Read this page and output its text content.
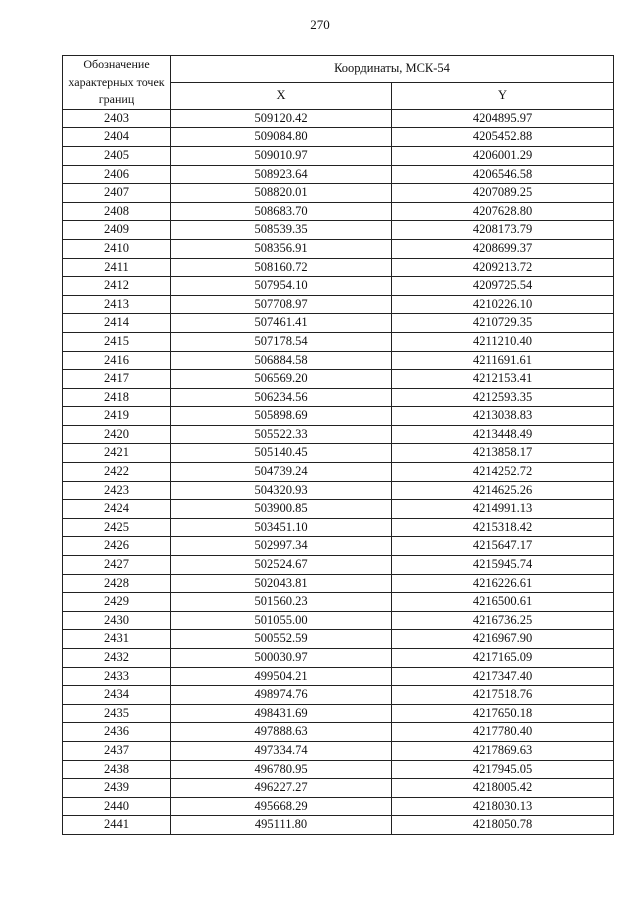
270
Обозначение характерных точек границ	Координаты, МСК-54	
	X	Y
2403	509120.42	4204895.97
2404	509084.80	4205452.88
2405	509010.97	4206001.29
2406	508923.64	4206546.58
2407	508820.01	4207089.25
2408	508683.70	4207628.80
2409	508539.35	4208173.79
2410	508356.91	4208699.37
2411	508160.72	4209213.72
2412	507954.10	4209725.54
2413	507708.97	4210226.10
2414	507461.41	4210729.35
2415	507178.54	4211210.40
2416	506884.58	4211691.61
2417	506569.20	4212153.41
2418	506234.56	4212593.35
2419	505898.69	4213038.83
2420	505522.33	4213448.49
2421	505140.45	4213858.17
2422	504739.24	4214252.72
2423	504320.93	4214625.26
2424	503900.85	4214991.13
2425	503451.10	4215318.42
2426	502997.34	4215647.17
2427	502524.67	4215945.74
2428	502043.81	4216226.61
2429	501560.23	4216500.61
2430	501055.00	4216736.25
2431	500552.59	4216967.90
2432	500030.97	4217165.09
2433	499504.21	4217347.40
2434	498974.76	4217518.76
2435	498431.69	4217650.18
2436	497888.63	4217780.40
2437	497334.74	4217869.63
2438	496780.95	4217945.05
2439	496227.27	4218005.42
2440	495668.29	4218030.13
2441	495111.80	4218050.78
